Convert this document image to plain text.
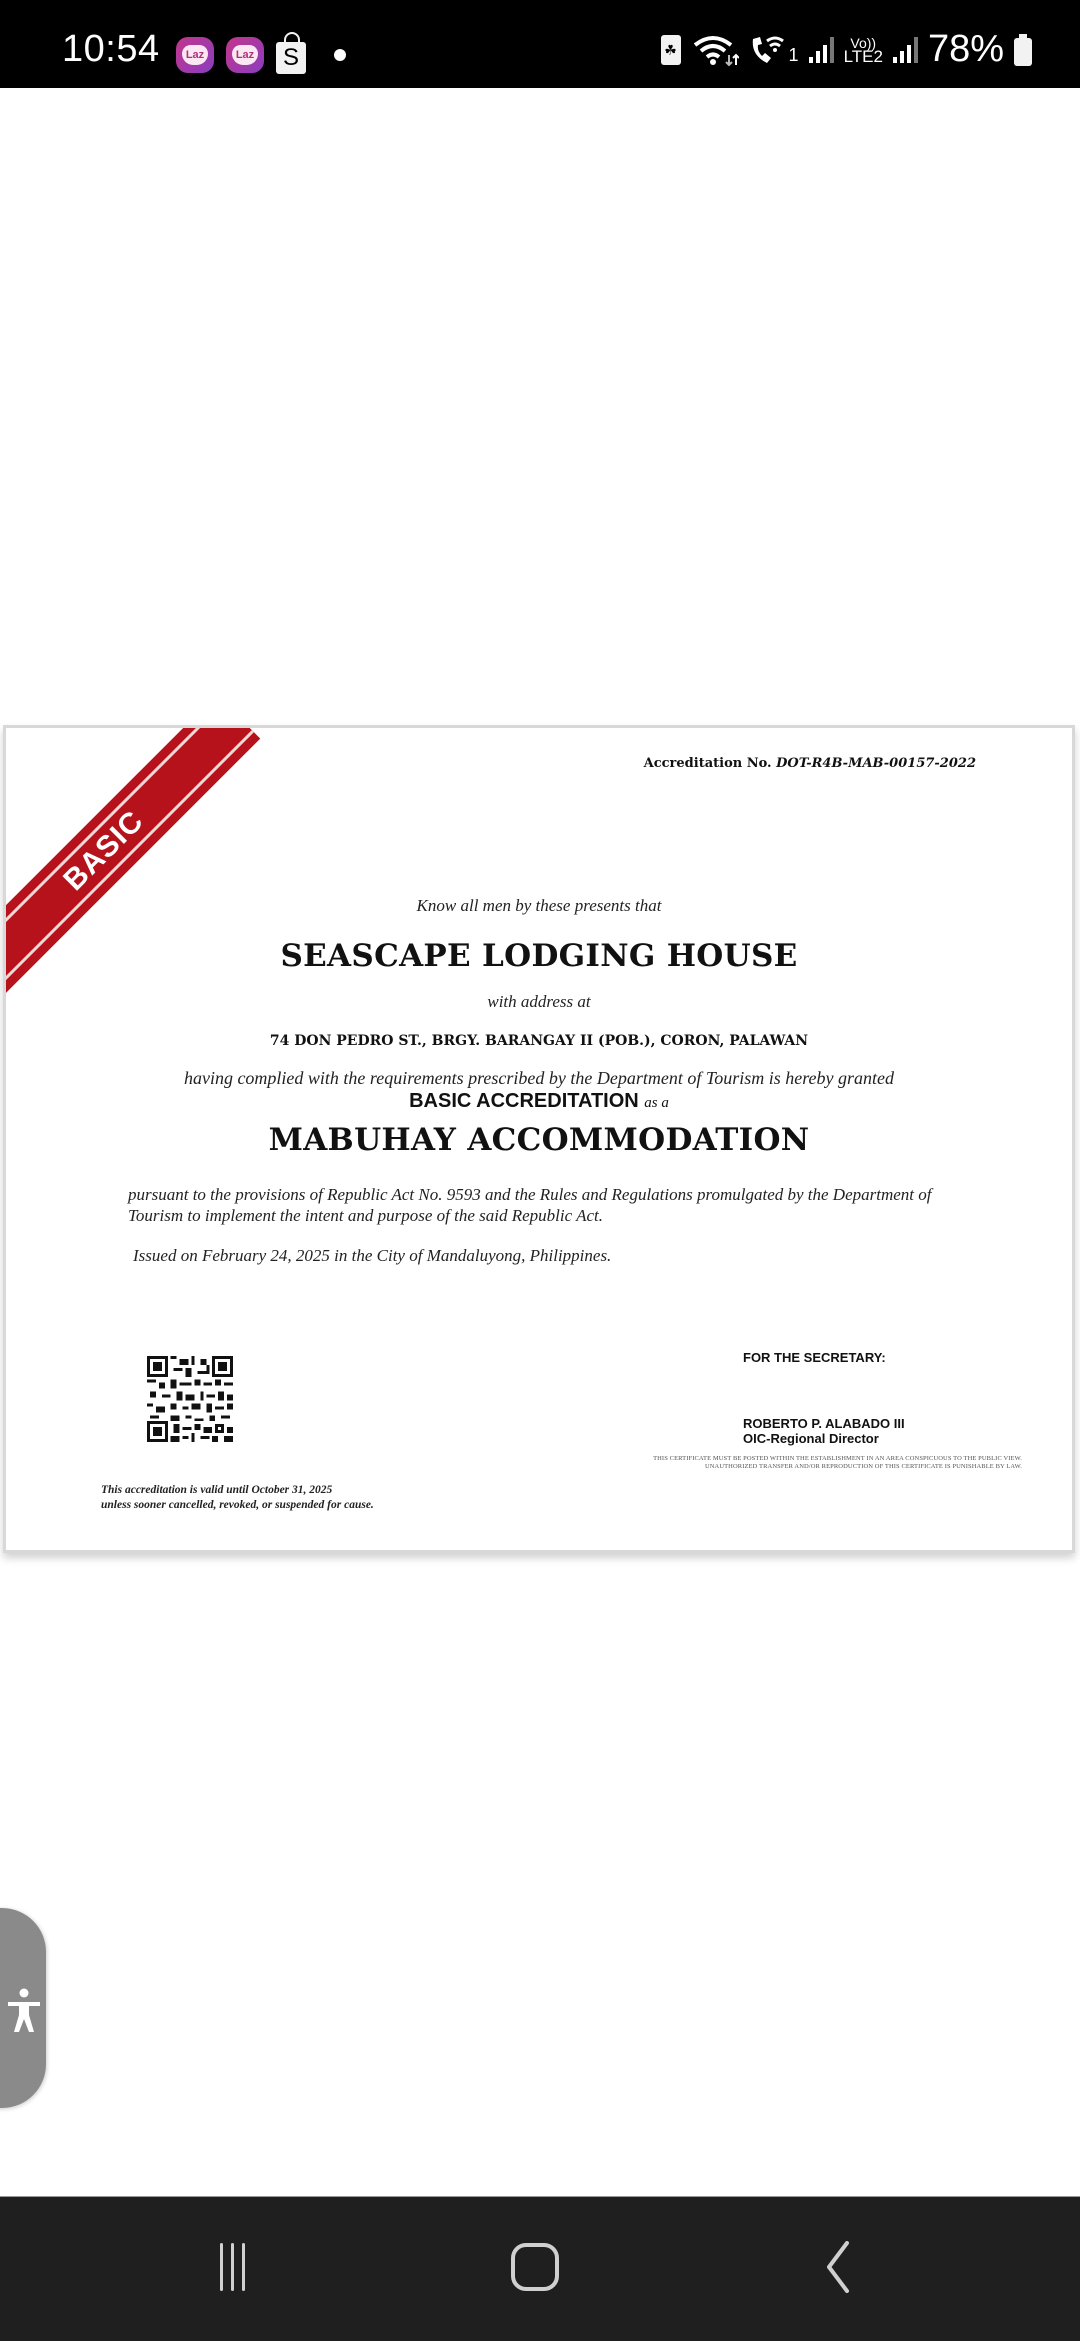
10:54	Laz	Laz S	☘	1
Vo))
LTE2 78%
BASIC
Accreditation No. DOT-R4B-MAB-00157-2022
Know all men by these presents that
SEASCAPE LODGING HOUSE
with address at
74 DON PEDRO ST., BRGY. BARANGAY II (POB.), CORON, PALAWAN
having complied with the requirements prescribed by the Department of Tourism is hereby granted
BASIC ACCREDITATION as a
MABUHAY ACCOMMODATION
pursuant to the provisions of Republic Act No. 9593 and the Rules and Regulations promulgated by the Department of Tourism to implement the intent and purpose of the said Republic Act.
Issued on February 24, 2025 in the City of Mandaluyong, Philippines.
This accreditation is valid until October 31, 2025
unless sooner cancelled, revoked, or suspended for cause.
FOR THE SECRETARY:
ROBERTO P. ALABADO III
OIC-Regional Director
THIS CERTIFICATE MUST BE POSTED WITHIN THE ESTABLISHMENT IN AN AREA CONSPICUOUS TO THE PUBLIC VIEW.
UNAUTHORIZED TRANSFER AND/OR REPRODUCTION OF THIS CERTIFICATE IS PUNISHABLE BY LAW.
